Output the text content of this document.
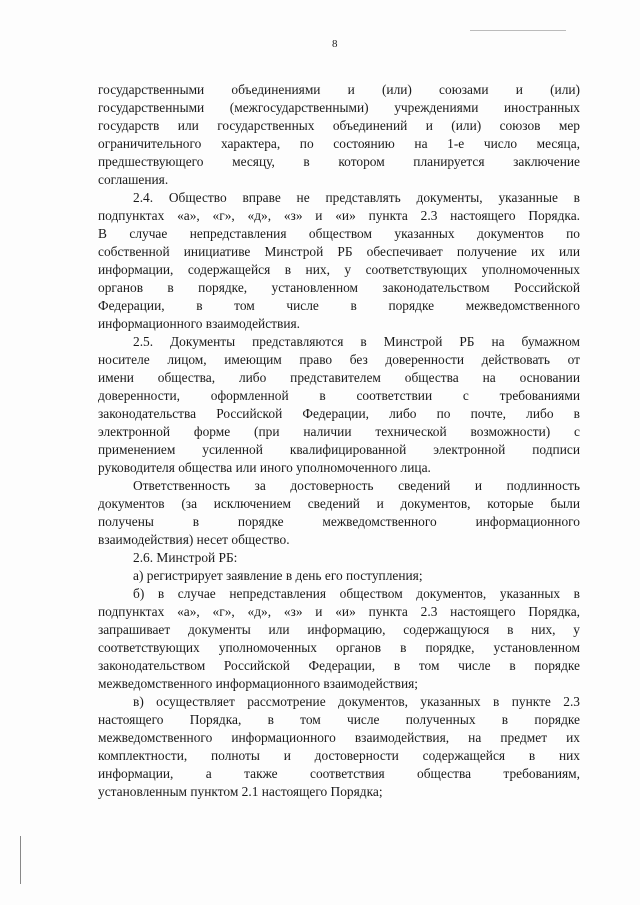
8
государственными объединениями и (или) союзами и (или)
государственными (межгосударственными) учреждениями иностранных
государств или государственных объединений и (или) союзов мер
ограничительного характера, по состоянию на 1-е число месяца,
предшествующего месяцу, в котором планируется заключение
соглашения.
2.4. Общество вправе не представлять документы, указанные в
подпунктах «а», «г», «д», «з» и «и» пункта 2.3 настоящего Порядка.
В случае непредставления обществом указанных документов по
собственной инициативе Минстрой РБ обеспечивает получение их или
информации, содержащейся в них, у соответствующих уполномоченных
органов в порядке, установленном законодательством Российской
Федерации, в том числе в порядке межведомственного
информационного взаимодействия.
2.5. Документы представляются в Минстрой РБ на бумажном
носителе лицом, имеющим право без доверенности действовать от
имени общества, либо представителем общества на основании
доверенности, оформленной в соответствии с требованиями
законодательства Российской Федерации, либо по почте, либо в
электронной форме (при наличии технической возможности) с
применением усиленной квалифицированной электронной подписи
руководителя общества или иного уполномоченного лица.
Ответственность за достоверность сведений и подлинность
документов (за исключением сведений и документов, которые были
получены в порядке межведомственного информационного
взаимодействия) несет общество.
2.6. Минстрой РБ:
а) регистрирует заявление в день его поступления;
б) в случае непредставления обществом документов, указанных в
подпунктах «а», «г», «д», «з» и «и» пункта 2.3 настоящего Порядка,
запрашивает документы или информацию, содержащуюся в них, у
соответствующих уполномоченных органов в порядке, установленном
законодательством Российской Федерации, в том числе в порядке
межведомственного информационного взаимодействия;
в) осуществляет рассмотрение документов, указанных в пункте 2.3
настоящего Порядка, в том числе полученных в порядке
межведомственного информационного взаимодействия, на предмет их
комплектности, полноты и достоверности содержащейся в них
информации, а также соответствия общества требованиям,
установленным пунктом 2.1 настоящего Порядка;
